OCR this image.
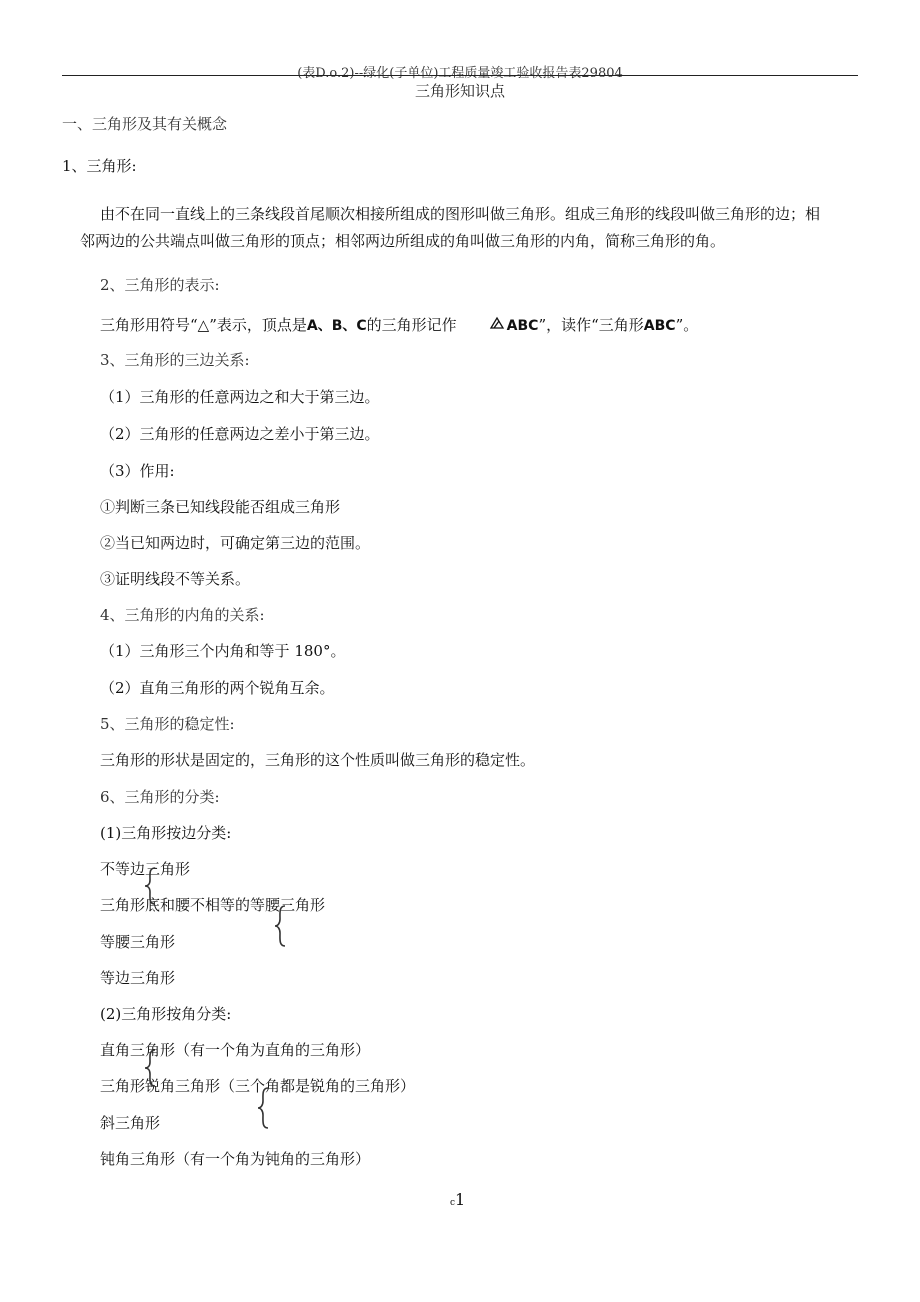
(表D.o.2)--绿化(子单位)工程质量竣工验收报告表29804
三角形知识点
一、三角形及其有关概念
1、三角形:
由不在同一直线上的三条线段首尾顺次相接所组成的图形叫做三角形。组成三角形的线段叫做三角形的边；相
邻两边的公共端点叫做三角形的顶点；相邻两边所组成的角叫做三角形的内角，简称三角形的角。
2、三角形的表示:
三角形用符号“△”表示，顶点是A、B、C的三角形记作	ABC”，读作“三角形ABC”。
3、三角形的三边关系:
（1）三角形的任意两边之和大于第三边。
（2）三角形的任意两边之差小于第三边。
（3）作用:
①判断三条已知线段能否组成三角形
②当已知两边时，可确定第三边的范围。
③证明线段不等关系。
4、三角形的内角的关系:
（1）三角形三个内角和等于 180°。
（2）直角三角形的两个锐角互余。
5、三角形的稳定性:
三角形的形状是固定的，三角形的这个性质叫做三角形的稳定性。
6、三角形的分类:
(1)三角形按边分类:
不等边三角形
三角形底和腰不相等的等腰三角形
等腰三角形
等边三角形
(2)三角形按角分类:
直角三角形（有一个角为直角的三角形）
三角形锐角三角形（三个角都是锐角的三角形）
斜三角形
钝角三角形（有一个角为钝角的三角形）
c1
